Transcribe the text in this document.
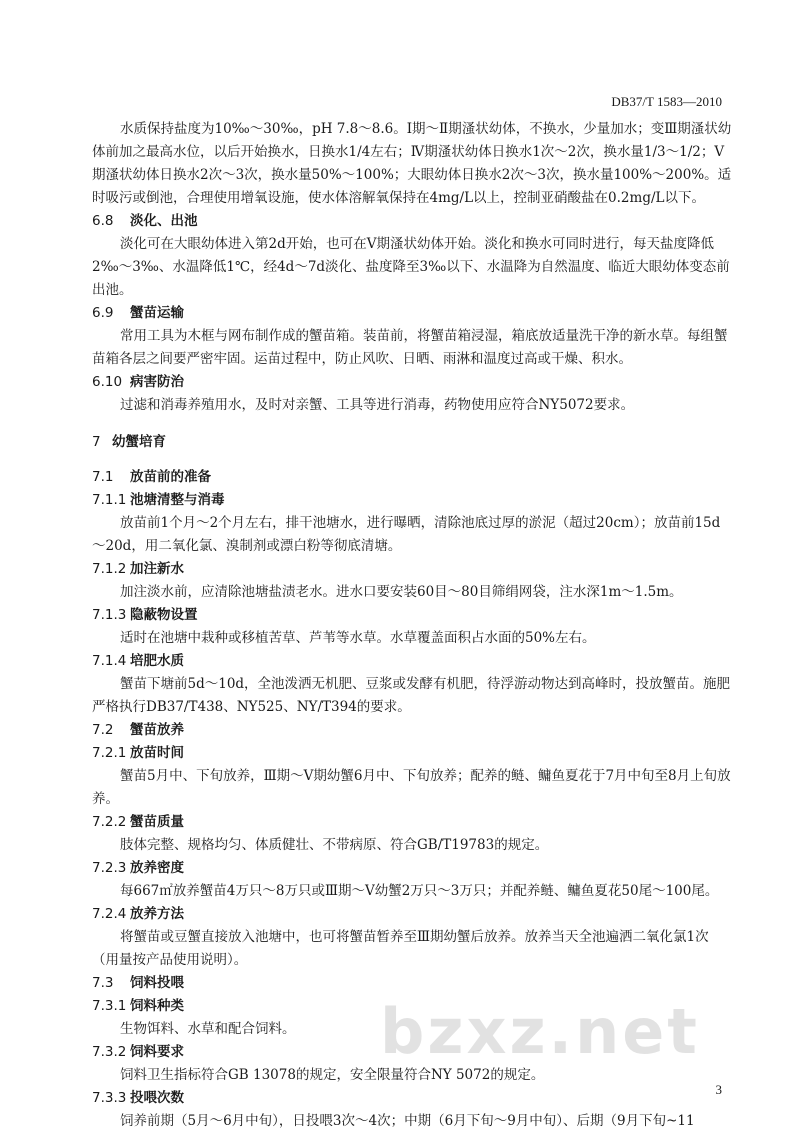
DB37/T 1583—2010

水质保持盐度为10‰～30‰，pH 7.8～8.6。Ⅰ期～Ⅱ期溞状幼体，不换水，少量加水；变Ⅲ期溞状幼体前加之最高水位，以后开始换水，日换水1/4左右；Ⅳ期溞状幼体日换水1次～2次，换水量1/3～1/2；Ⅴ期溞状幼体日换水2次～3次，换水量50%～100%；大眼幼体日换水2次～3次，换水量100%～200%。适时吸污或倒池，合理使用增氧设施，使水体溶解氧保持在4mg/L以上，控制亚硝酸盐在0.2mg/L以下。

6.8 淡化、出池

淡化可在大眼幼体进入第2d开始，也可在Ⅴ期溞状幼体开始。淡化和换水可同时进行，每天盐度降低2‰～3‰、水温降低1℃，经4d～7d淡化、盐度降至3‰以下、水温降为自然温度、临近大眼幼体变态前出池。

6.9 蟹苗运输

常用工具为木框与网布制作成的蟹苗箱。装苗前，将蟹苗箱浸湿，箱底放适量洗干净的新水草。每组蟹苗箱各层之间要严密牢固。运苗过程中，防止风吹、日晒、雨淋和温度过高或干燥、积水。

6.10 病害防治

过滤和消毒养殖用水，及时对亲蟹、工具等进行消毒，药物使用应符合NY5072要求。

7 幼蟹培育
7.1 放苗前的准备
7.1.1 池塘清整与消毒

放苗前1个月～2个月左右，排干池塘水，进行曝晒，清除池底过厚的淤泥（超过20cm）；放苗前15d～20d，用二氧化氯、溴制剂或漂白粉等彻底清塘。

7.1.2 加注新水

加注淡水前，应清除池塘盐渍老水。进水口要安装60目～80目筛绢网袋，注水深1m～1.5m。

7.1.3 隐蔽物设置

适时在池塘中栽种或移植苦草、芦苇等水草。水草覆盖面积占水面的50%左右。

7.1.4 培肥水质

蟹苗下塘前5d～10d，全池泼洒无机肥、豆浆或发酵有机肥，待浮游动物达到高峰时，投放蟹苗。施肥严格执行DB37/T438、NY525、NY/T394的要求。

7.2 蟹苗放养
7.2.1 放苗时间

蟹苗5月中、下旬放养，Ⅲ期～Ⅴ期幼蟹6月中、下旬放养；配养的鲢、鳙鱼夏花于7月中旬至8月上旬放养。

7.2.2 蟹苗质量

肢体完整、规格均匀、体质健壮、不带病原、符合GB/T19783的规定。

7.2.3 放养密度

每667㎡放养蟹苗4万只～8万只或Ⅲ期～Ⅴ幼蟹2万只～3万只；并配养鲢、鳙鱼夏花50尾～100尾。

7.2.4 放养方法

将蟹苗或豆蟹直接放入池塘中，也可将蟹苗暂养至Ⅲ期幼蟹后放养。放养当天全池遍洒二氧化氯1次（用量按产品使用说明）。

7.3 饲料投喂
7.3.1 饲料种类

生物饵料、水草和配合饲料。

7.3.2 饲料要求

饲料卫生指标符合GB 13078的规定，安全限量符合NY 5072的规定。

7.3.3 投喂次数

饲养前期（5月～6月中旬），日投喂3次～4次；中期（6月下旬～9月中旬）、后期（9月下旬~11

bzxz.net
3
